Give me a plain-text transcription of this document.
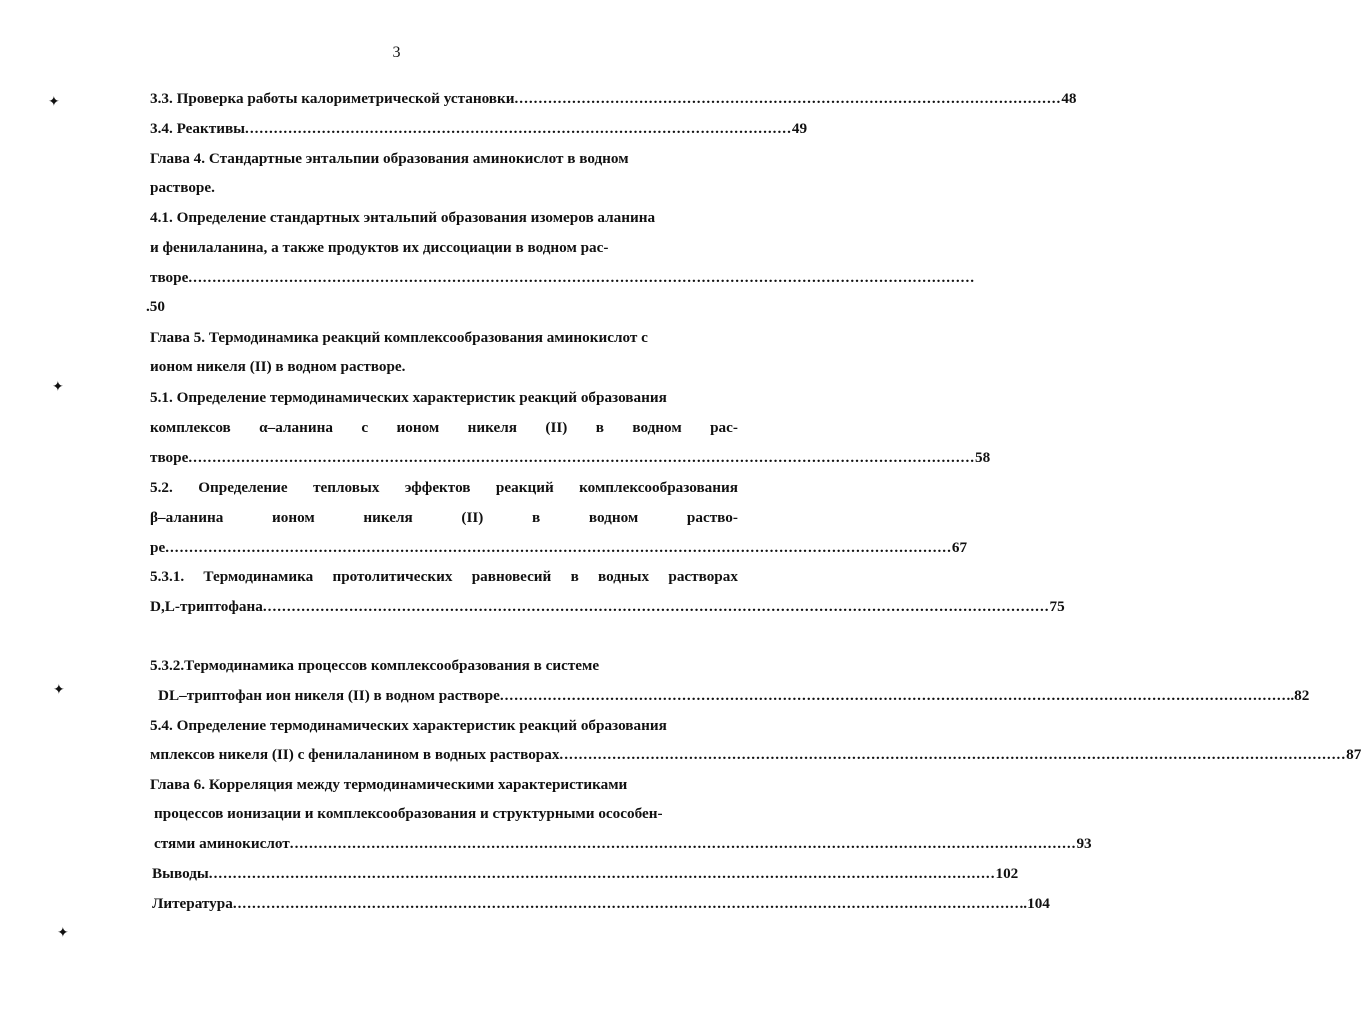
3
✦
✦
✦
✦
3.3. Проверка работы калориметрической установки .................................................................................................................. 48
3.4. Реактивы .................................................................................................................. 49
Глава 4. Стандартные энтальпии образования аминокислот в водном
растворе.
4.1. Определение стандартных энтальпий образования изомеров аланина
и фенилаланина, а также продуктов их диссоциации в водном рас-
творе ....................................................................................................................................................................
.50
Глава 5. Термодинамика реакций комплексообразования аминокислот с
ионом никеля (II) в водном растворе.
5.1. Определение термодинамических характеристик реакций образования
комплексов α–аланина с ионом никеля (II) в водном рас-
творе .................................................................................................................................................................... 58
5.2. Определение тепловых эффектов реакций комплексообразования
β–аланина	ионом	никеля	(II)	в	водном	раство-
ре .................................................................................................................................................................... 67
5.3.1. Термодинамика протолитических равновесий в водных растворах
D,L-триптофана .................................................................................................................................................................... 75
5.3.2.Термодинамика процессов комплексообразования в системе
DL–триптофан ион никеля (II) в водном растворе .................................................................................................................................................................... ..82
5.4. Определение термодинамических характеристик реакций образования
мплексов никеля (II) с фенилаланином в водных растворах .................................................................................................................................................................... 87
Глава 6. Корреляция между термодинамическими характеристиками
процессов ионизации и комплексообразования и структурными осособен-
стями аминокислот .................................................................................................................................................................... 93
Выводы .................................................................................................................................................................... 102
Литература .................................................................................................................................................................... ..104
